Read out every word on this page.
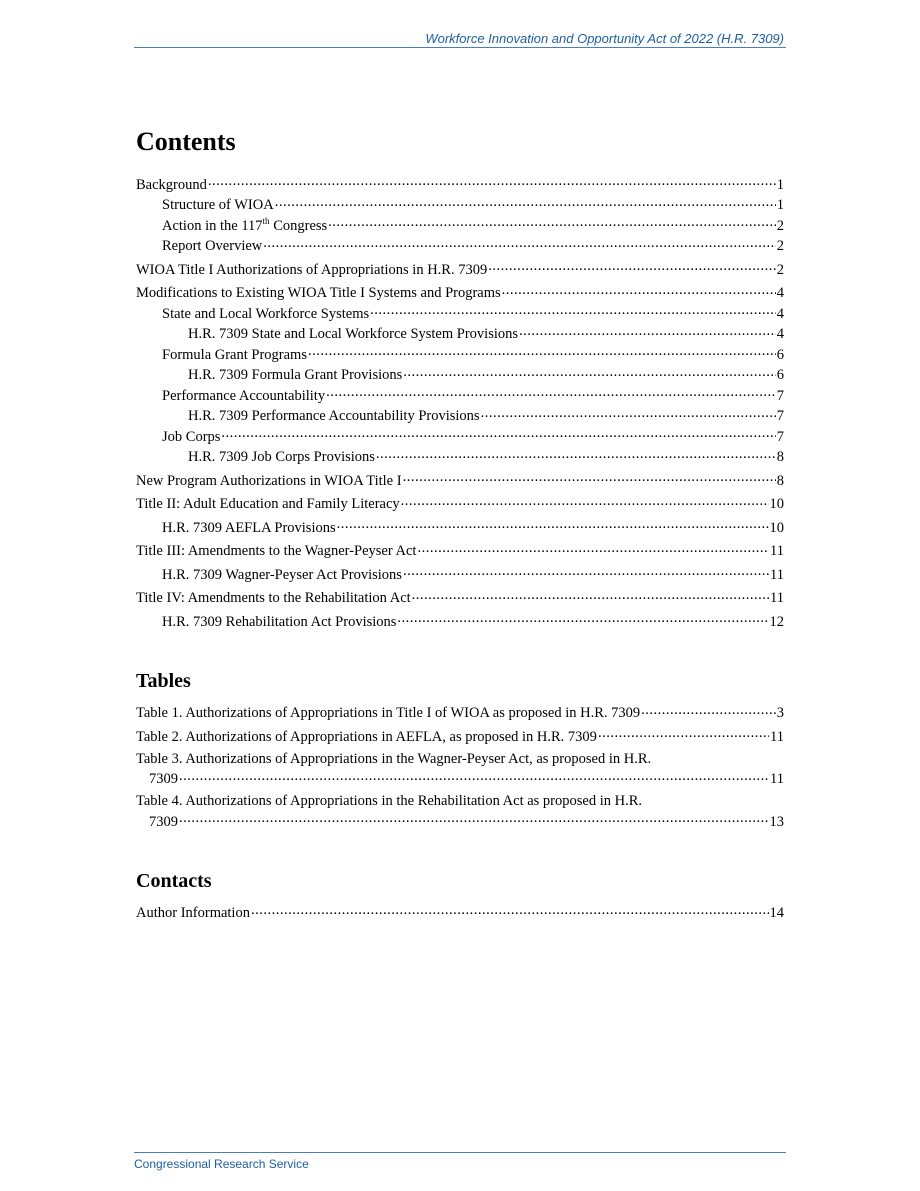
Workforce Innovation and Opportunity Act of 2022 (H.R. 7309)
Contents
Background .....	1
Structure of WIOA .....	1
Action in the 117th Congress .....	2
Report Overview .....	2
WIOA Title I Authorizations of Appropriations in H.R. 7309 .....	2
Modifications to Existing WIOA Title I Systems and Programs .....	4
State and Local Workforce Systems .....	4
H.R. 7309 State and Local Workforce System Provisions .....	4
Formula Grant Programs .....	6
H.R. 7309 Formula Grant Provisions .....	6
Performance Accountability .....	7
H.R. 7309 Performance Accountability Provisions .....	7
Job Corps .....	7
H.R. 7309 Job Corps Provisions .....	8
New Program Authorizations in WIOA Title I .....	8
Title II: Adult Education and Family Literacy .....	10
H.R. 7309 AEFLA Provisions .....	10
Title III: Amendments to the Wagner-Peyser Act .....	11
H.R. 7309 Wagner-Peyser Act Provisions .....	11
Title IV: Amendments to the Rehabilitation Act .....	11
H.R. 7309 Rehabilitation Act Provisions .....	12
Tables
Table 1. Authorizations of Appropriations in Title I of WIOA as proposed in H.R. 7309 .....	3
Table 2. Authorizations of Appropriations in AEFLA, as proposed in H.R. 7309 .....	11
Table 3. Authorizations of Appropriations in the Wagner-Peyser Act, as proposed in H.R.
7309 .....	11
Table 4. Authorizations of Appropriations in the Rehabilitation Act as proposed in H.R.
7309 .....	13
Contacts
Author Information .....	14
Congressional Research Service
